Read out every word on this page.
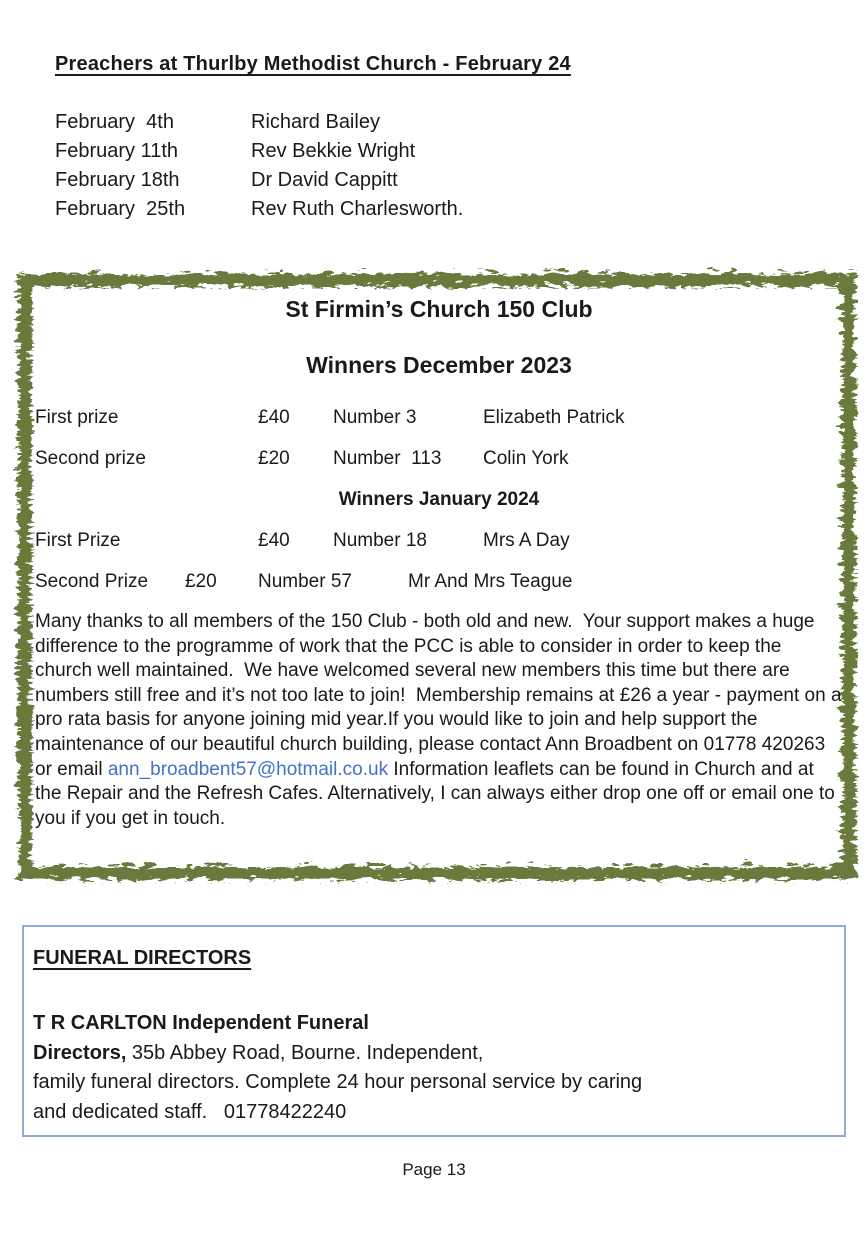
Preachers at Thurlby Methodist Church - February 24
February  4th	Richard Bailey
February 11th	Rev Bekkie Wright
February 18th	Dr David Cappitt
February  25th	Rev Ruth Charlesworth.
St Firmin’s Church 150 Club
Winners December 2023
First prize	£40	Number 3	Elizabeth Patrick
Second prize	£20	Number  113	Colin York
Winners January 2024
First Prize	£40	Number 18	Mrs A Day
Second Prize	£20	Number 57	Mr And Mrs Teague

Many thanks to all members of the 150 Club - both old and new.  Your support makes a huge difference to the programme of work that the PCC is able to consider in order to keep the church well maintained.  We have welcomed several new members this time but there are  numbers still free and it’s not too late to join!  Membership remains at £26 a year - payment on a pro rata basis for anyone joining mid year.If you would like to join and help support the maintenance of our beautiful church building, please contact Ann Broadbent on 01778 420263 or email ann_broadbent57@hotmail.co.uk Information leaflets can be found in Church and at the Repair and the Refresh Cafes. Alternatively, I can always either drop one off or email one to you if you get in touch.

FUNERAL DIRECTORS

T R CARLTON Independent Funeral

Directors, 35b Abbey Road, Bourne. Independent,

family funeral directors. Complete 24 hour personal service by caring

and dedicated staff.   01778422240

Page 13
